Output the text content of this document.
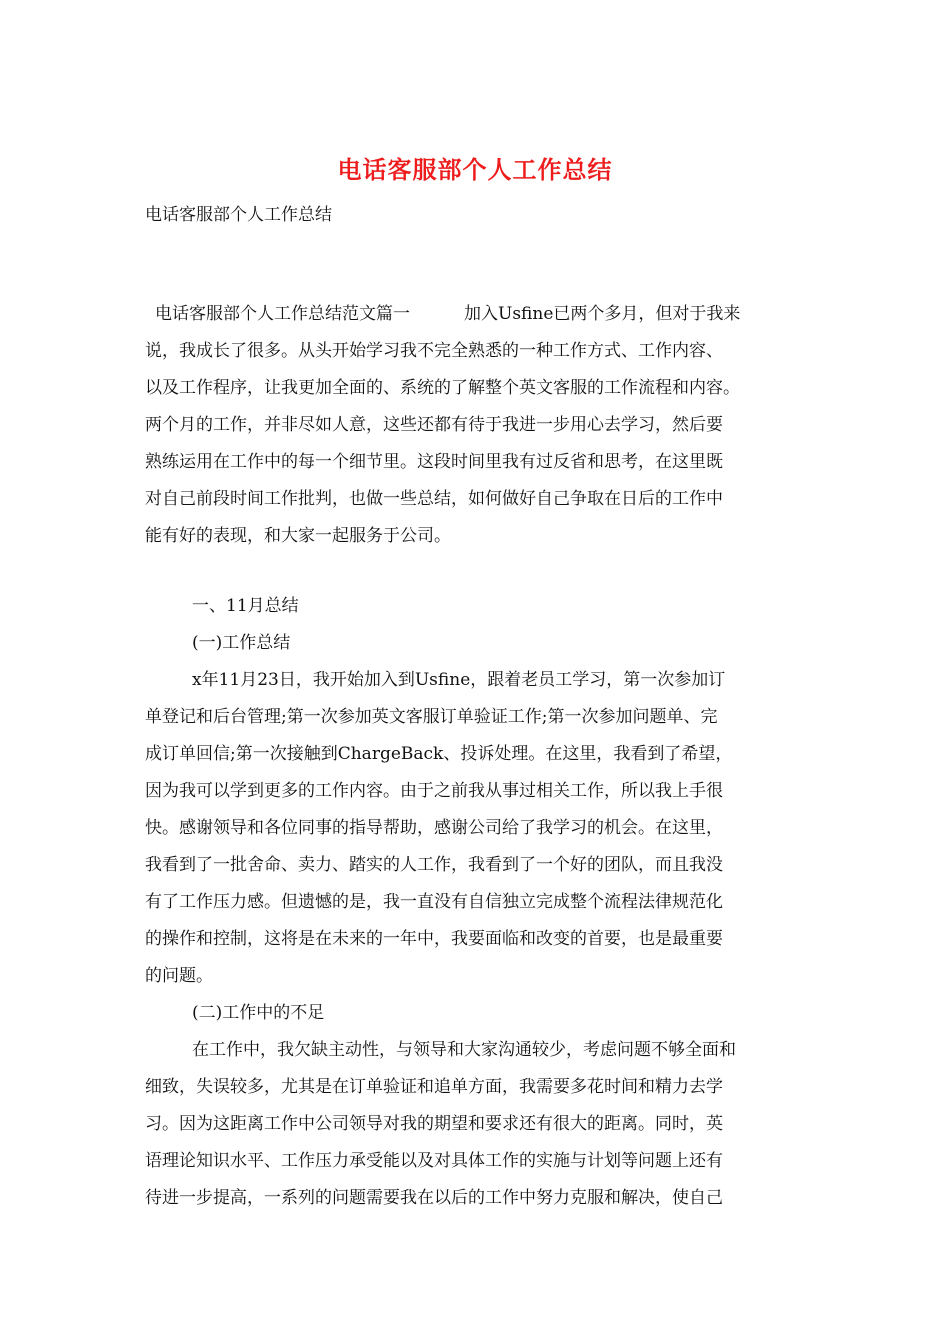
电话客服部个人工作总结
电话客服部个人工作总结
电话客服部个人工作总结范文篇一	加入Usfine已两个多月，但对于我来
说，我成长了很多。从头开始学习我不完全熟悉的一种工作方式、工作内容、
以及工作程序，让我更加全面的、系统的了解整个英文客服的工作流程和内容。
两个月的工作，并非尽如人意，这些还都有待于我进一步用心去学习，然后要
熟练运用在工作中的每一个细节里。这段时间里我有过反省和思考，在这里既
对自己前段时间工作批判，也做一些总结，如何做好自己争取在日后的工作中
能有好的表现，和大家一起服务于公司。
一、11月总结
(一)工作总结
x年11月23日，我开始加入到Usfine，跟着老员工学习，第一次参加订
单登记和后台管理;第一次参加英文客服订单验证工作;第一次参加问题单、完
成订单回信;第一次接触到ChargeBack、投诉处理。在这里，我看到了希望，
因为我可以学到更多的工作内容。由于之前我从事过相关工作，所以我上手很
快。感谢领导和各位同事的指导帮助，感谢公司给了我学习的机会。在这里，
我看到了一批舍命、卖力、踏实的人工作，我看到了一个好的团队，而且我没
有了工作压力感。但遗憾的是，我一直没有自信独立完成整个流程法律规范化
的操作和控制，这将是在未来的一年中，我要面临和改变的首要，也是最重要
的问题。
(二)工作中的不足
在工作中，我欠缺主动性，与领导和大家沟通较少，考虑问题不够全面和
细致，失误较多，尤其是在订单验证和追单方面，我需要多花时间和精力去学
习。因为这距离工作中公司领导对我的期望和要求还有很大的距离。同时，英
语理论知识水平、工作压力承受能以及对具体工作的实施与计划等问题上还有
待进一步提高，一系列的问题需要我在以后的工作中努力克服和解决，使自己
